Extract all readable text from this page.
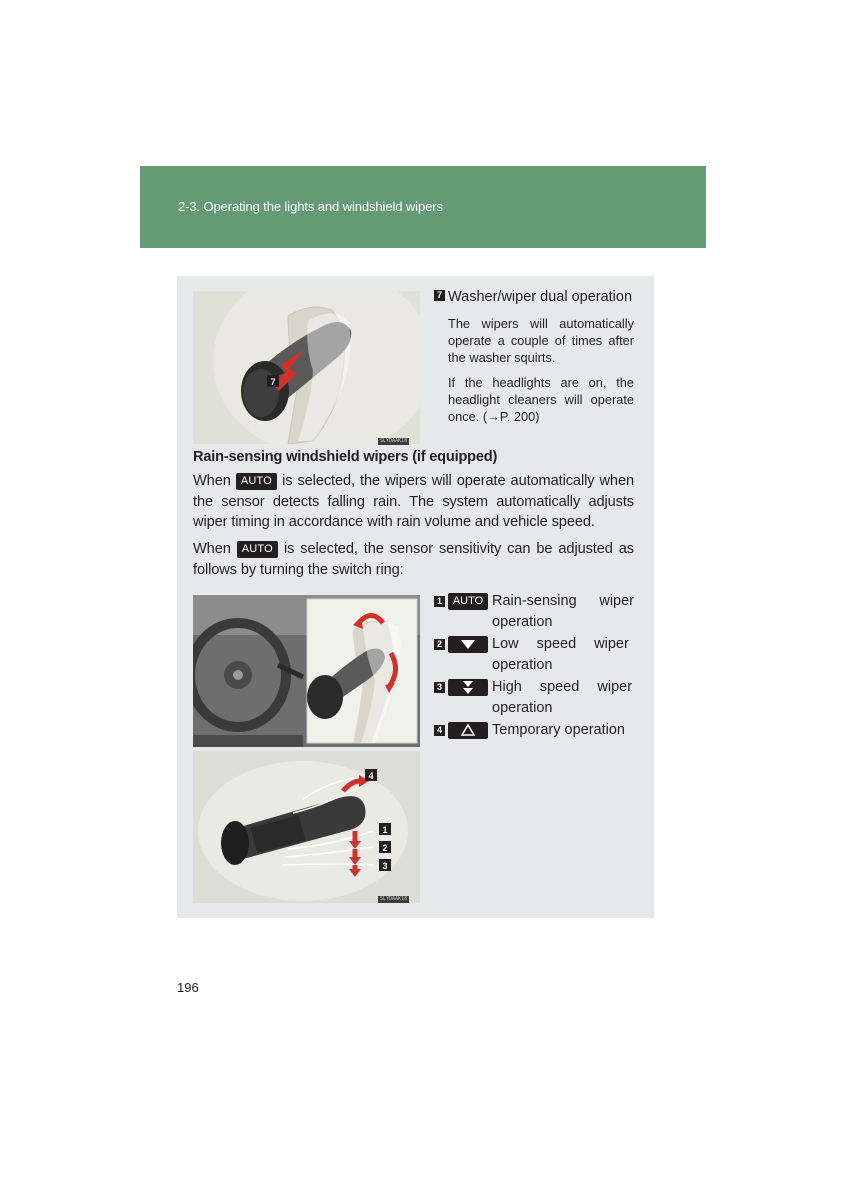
2-3. Operating the lights and windshield wipers
7
SLYDAAK18
7 Washer/wiper dual operation
The wipers will automatically operate a couple of times after the washer squirts.
If the headlights are on, the headlight cleaners will operate once. (→P. 200)
Rain-sensing windshield wipers (if equipped)
When AUTO is selected, the wipers will operate automatically when the sensor detects falling rain. The system automatically adjusts wiper timing in accordance with rain volume and vehicle speed.
When AUTO is selected, the sensor sensitivity can be adjusted as follows by turning the switch ring:
4
1
2
3
SLYDAAK18
1 AUTO Rain-sensing wiper
operation
2	Low speed wiper
operation
3	High speed wiper
operation
4	Temporary operation
196
